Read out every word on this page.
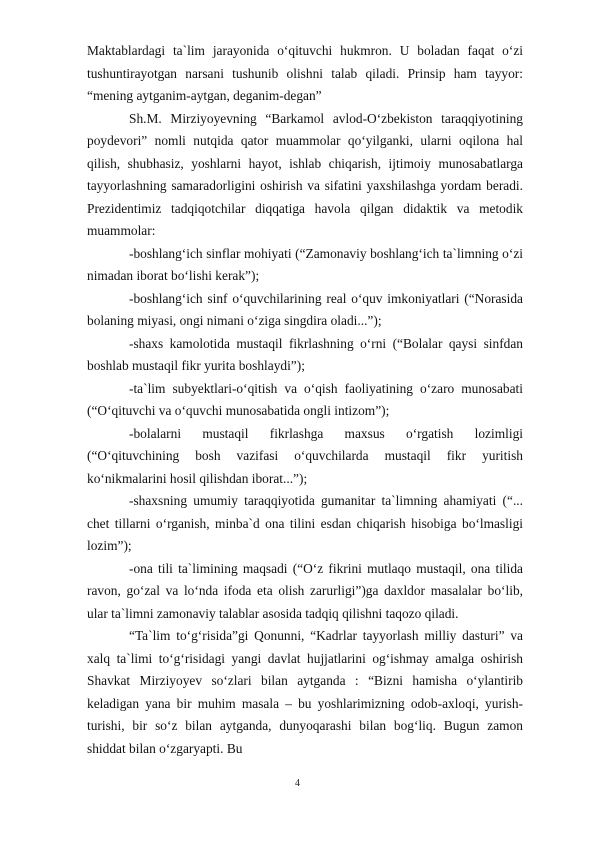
Maktablardagi ta`lim jarayonida o‘qituvchi hukmron. U boladan faqat o‘zi tushuntirayotgan narsani tushunib olishni talab qiladi. Prinsip ham tayyor: “mening aytganim-aytgan, deganim-degan”

Sh.M. Mirziyoyevning “Barkamol avlod-O‘zbekiston taraqqiyotining poydevori” nomli nutqida qator muammolar qo‘yilganki, ularni oqilona hal qilish, shubhasiz, yoshlarni hayot, ishlab chiqarish, ijtimoiy munosabatlarga tayyorlashning samaradorligini oshirish va sifatini yaxshilashga yordam beradi. Prezidentimiz tadqiqotchilar diqqatiga havola qilgan didaktik va metodik muammolar:

-boshlang‘ich sinflar mohiyati (“Zamonaviy boshlang‘ich ta`limning o‘zi nimadan iborat bo‘lishi kerak”);

-boshlang‘ich sinf o‘quvchilarining real o‘quv imkoniyatlari (“Norasida bolaning miyasi, ongi nimani o‘ziga singdira oladi...”);

-shaxs kamolotida mustaqil fikrlashning o‘rni (“Bolalar qaysi sinfdan boshlab mustaqil fikr yurita boshlaydi”);

-ta`lim subyektlari-o‘qitish va o‘qish faoliyatining o‘zaro munosabati (“O‘qituvchi va o‘quvchi munosabatida ongli intizom”);

-bolalarni mustaqil fikrlashga maxsus o‘rgatish lozimligi (“O‘qituvchining bosh vazifasi o‘quvchilarda mustaqil fikr yuritish ko‘nikmalarini hosil qilishdan iborat...”);

-shaxsning umumiy taraqqiyotida gumanitar ta`limning ahamiyati (“... chet tillarni o‘rganish, minba`d ona tilini esdan chiqarish hisobiga bo‘lmasligi lozim”);

-ona tili ta`limining maqsadi (“O‘z fikrini mutlaqo mustaqil, ona tilida ravon, go‘zal va lo‘nda ifoda eta olish zarurligi”)ga daxldor masalalar bo‘lib, ular ta`limni zamonaviy talablar asosida tadqiq qilishni taqozo qiladi.

“Ta`lim to‘g‘risida”gi Qonunni, “Kadrlar tayyorlash milliy dasturi” va xalq ta`limi to‘g‘risidagi yangi davlat hujjatlarini og‘ishmay amalga oshirish Shavkat Mirziyoyev so‘zlari bilan aytganda : “Bizni hamisha o‘ylantirib keladigan yana bir muhim masala – bu yoshlarimizning odob-axloqi, yurish-turishi, bir so‘z bilan aytganda, dunyoqarashi bilan bog‘liq. Bugun zamon shiddat bilan o‘zgaryapti. Bu

4
